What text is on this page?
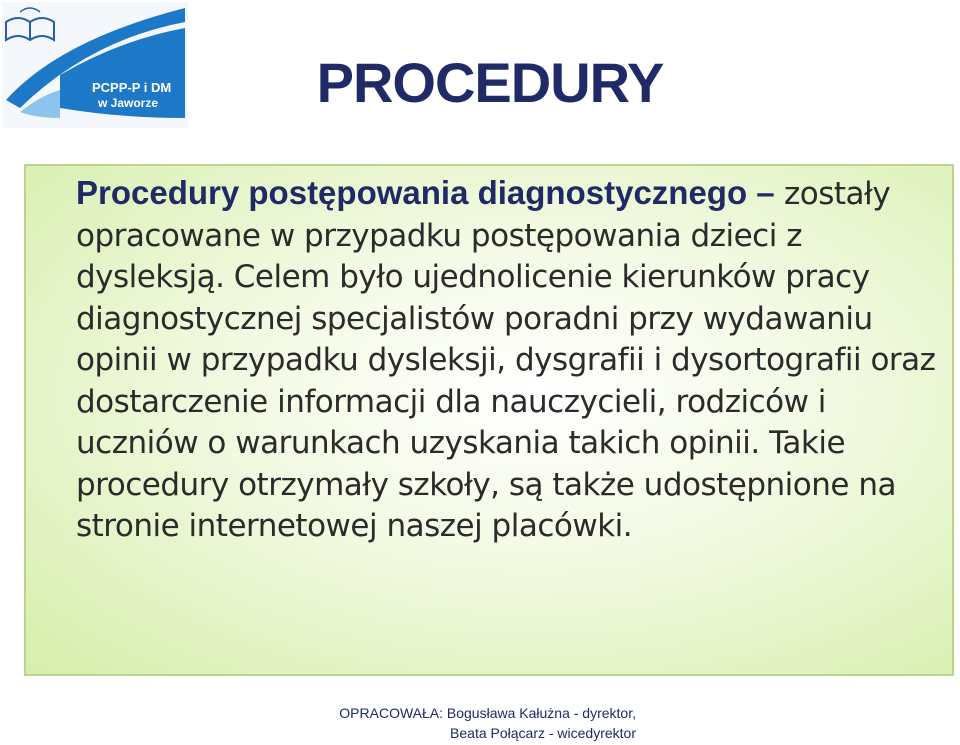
PCPP-P i DM
w Jaworze	PROCEDURY

Procedury postępowania diagnostycznego – zostały opracowane w przypadku postępowania dzieci z dysleksją. Celem było ujednolicenie kierunków pracy diagnostycznej specjalistów poradni przy wydawaniu opinii w przypadku dysleksji, dysgrafii i dysortografii oraz dostarczenie informacji dla nauczycieli, rodziców i uczniów o warunkach uzyskania takich opinii. Takie procedury otrzymały szkoły, są także udostępnione na stronie internetowej naszej placówki.

OPRACOWAŁA: Bogusława Kałużna - dyrektor,
Beata Połącarz - wicedyrektor
